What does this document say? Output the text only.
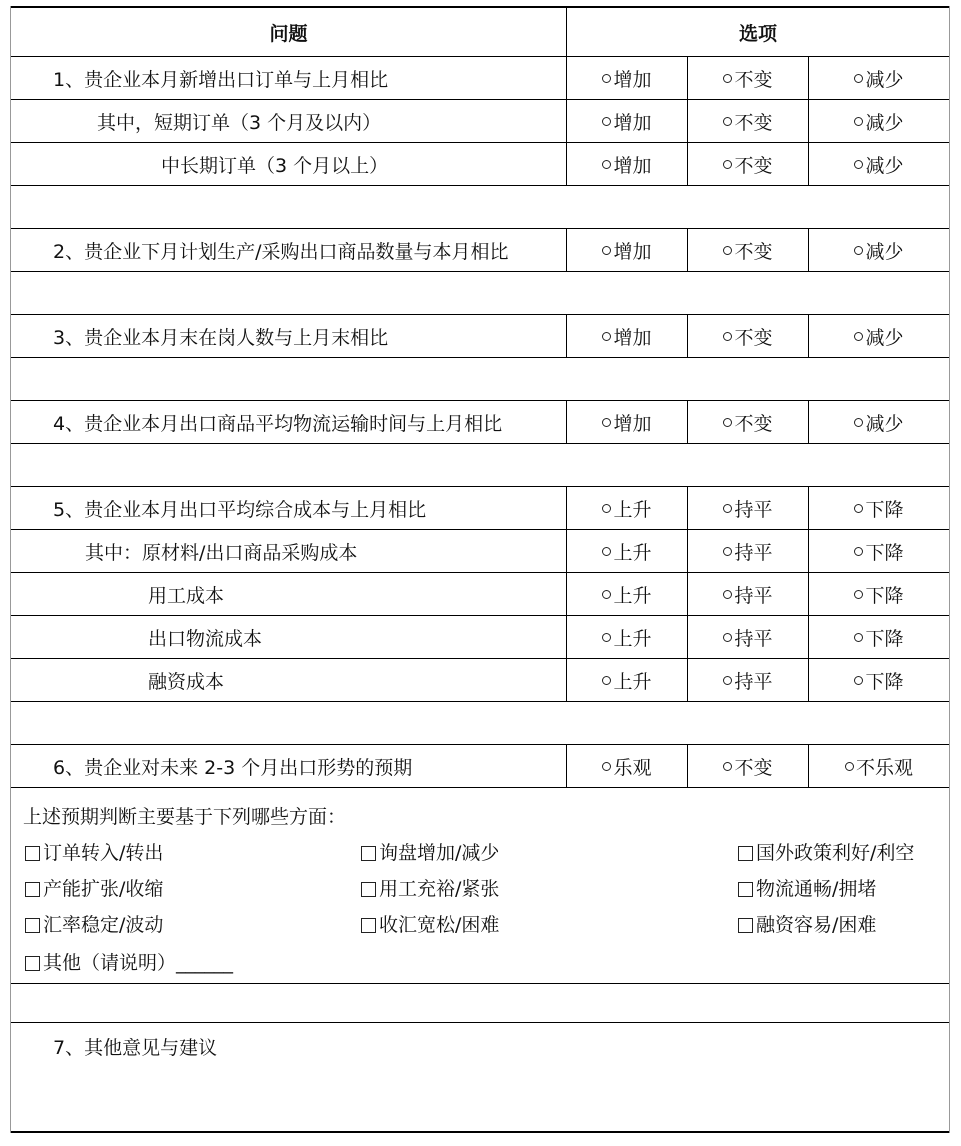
问题	选项
1、贵企业本月新增出口订单与上月相比	增加	不变	减少
其中，短期订单（3 个月及以内）	增加	不变	减少
中长期订单（3 个月以上）	增加	不变	减少
2、贵企业下月计划生产/采购出口商品数量与本月相比	增加	不变	减少
3、贵企业本月末在岗人数与上月末相比	增加	不变	减少
4、贵企业本月出口商品平均物流运输时间与上月相比	增加	不变	减少
5、贵企业本月出口平均综合成本与上月相比	上升	持平	下降
其中：原材料/出口商品采购成本	上升	持平	下降
用工成本	上升	持平	下降
出口物流成本	上升	持平	下降
融资成本	上升	持平	下降
6、贵企业对未来 2-3 个月出口形势的预期	乐观	不变	不乐观
上述预期判断主要基于下列哪些方面：
订单转入/转出	询盘增加/减少	国外政策利好/利空
产能扩张/收缩	用工充裕/紧张	物流通畅/拥堵
汇率稳定/波动	收汇宽松/困难	融资容易/困难
其他（请说明）______
7、其他意见与建议
